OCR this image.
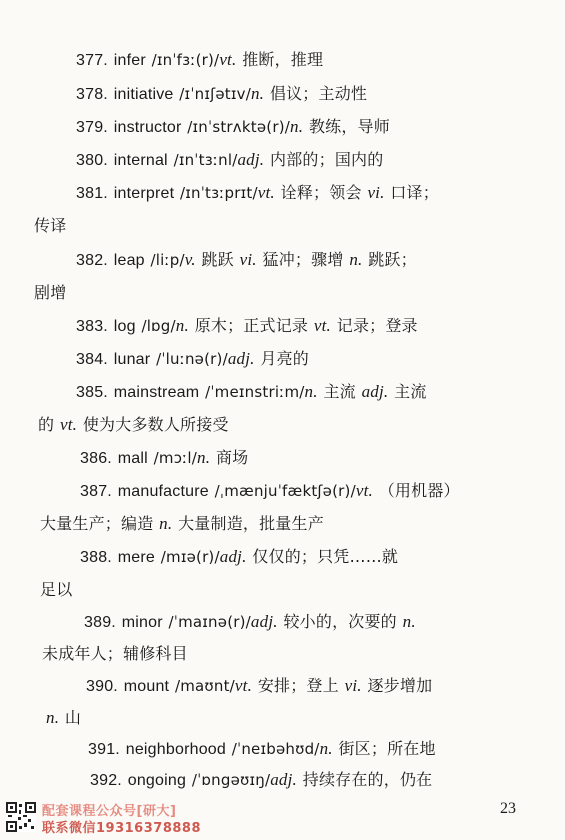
377. infer /ɪnˈfɜː(r)/vt. 推断，推理
378. initiative /ɪˈnɪʃətɪv/n. 倡议；主动性
379. instructor /ɪnˈstrʌktə(r)/n. 教练，导师
380. internal /ɪnˈtɜːnl/adj. 内部的；国内的
381. interpret /ɪnˈtɜːprɪt/vt. 诠释；领会 vi. 口译；
传译
382. leap /liːp/v. 跳跃 vi. 猛冲；骤增 n. 跳跃；
剧增
383. log /lɒg/n. 原木；正式记录 vt. 记录；登录
384. lunar /ˈluːnə(r)/adj. 月亮的
385. mainstream /ˈmeɪnstriːm/n. 主流 adj. 主流
的 vt. 使为大多数人所接受
386. mall /mɔːl/n. 商场
387. manufacture /ˌmænjuˈfæktʃə(r)/vt. （用机器）
大量生产；编造 n. 大量制造，批量生产
388. mere /mɪə(r)/adj. 仅仅的；只凭……就
足以
389. minor /ˈmaɪnə(r)/adj. 较小的，次要的 n.
未成年人；辅修科目
390. mount /maʊnt/vt. 安排；登上 vi. 逐步增加
n. 山
391. neighborhood /ˈneɪbəhʊd/n. 街区；所在地
392. ongoing /ˈɒngəʊɪŋ/adj. 持续存在的，仍在
配套课程公众号[研大]
联系微信19316378888
23
